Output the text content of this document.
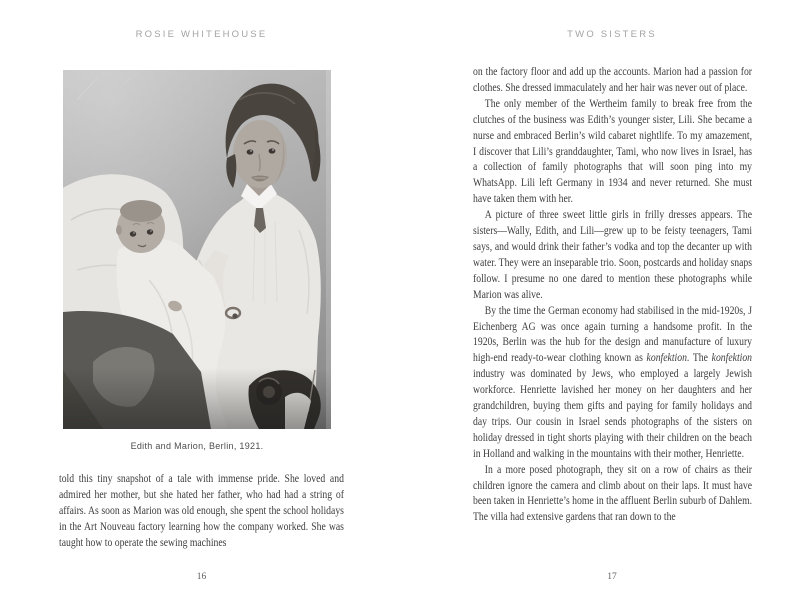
ROSIE WHITEHOUSE
Edith and Marion, Berlin, 1921.

told this tiny snapshot of a tale with immense pride. She loved and admired her mother, but she hated her father, who had had a string of affairs. As soon as Marion was old enough, she spent the school holidays in the Art Nouveau factory learning how the company worked. She was taught how to operate the sewing machines

16
TWO SISTERS

on the factory floor and add up the accounts. Marion had a passion for clothes. She dressed immaculately and her hair was never out of place.

The only member of the Wertheim family to break free from the clutches of the business was Edith’s younger sister, Lili. She became a nurse and embraced Berlin’s wild cabaret nightlife. To my amazement, I discover that Lili’s granddaughter, Tami, who now lives in Israel, has a collection of family photographs that will soon ping into my WhatsApp. Lili left Germany in 1934 and never returned. She must have taken them with her.

A picture of three sweet little girls in frilly dresses appears. The sisters—Wally, Edith, and Lili—grew up to be feisty teenagers, Tami says, and would drink their father’s vodka and top the decanter up with water. They were an inseparable trio. Soon, postcards and holiday snaps follow. I presume no one dared to mention these photographs while Marion was alive.

By the time the German economy had stabilised in the mid-1920s, J Eichenberg AG was once again turning a handsome profit. In the 1920s, Berlin was the hub for the design and manufacture of luxury high-end ready-to-wear clothing known as konfektion. The konfektion industry was dominated by Jews, who employed a largely Jewish workforce. Henriette lavished her money on her daughters and her grandchildren, buying them gifts and paying for family holidays and day trips. Our cousin in Israel sends photographs of the sisters on holiday dressed in tight shorts playing with their children on the beach in Holland and walking in the mountains with their mother, Henriette.

In a more posed photograph, they sit on a row of chairs as their children ignore the camera and climb about on their laps. It must have been taken in Henriette’s home in the affluent Berlin suburb of Dahlem. The villa had extensive gardens that ran down to the

17
